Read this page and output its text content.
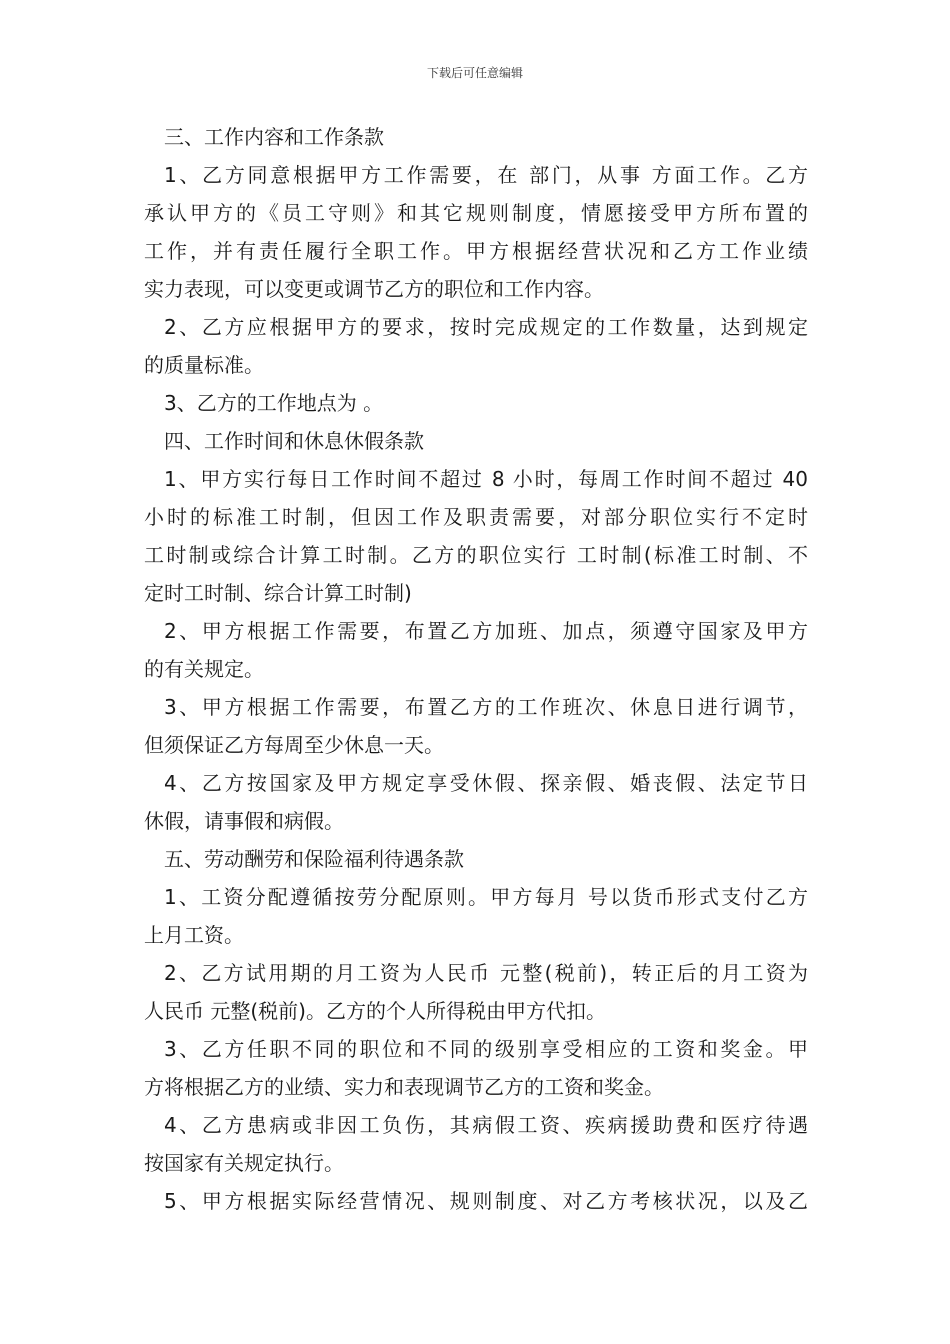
下载后可任意编辑
三、工作内容和工作条款
1、乙方同意根据甲方工作需要，在 部门，从事 方面工作。乙方
承认甲方的《员工守则》和其它规则制度，情愿接受甲方所布置的
工作，并有责任履行全职工作。甲方根据经营状况和乙方工作业绩
实力表现，可以变更或调节乙方的职位和工作内容。
2、乙方应根据甲方的要求，按时完成规定的工作数量，达到规定
的质量标准。
3、乙方的工作地点为 。
四、工作时间和休息休假条款
1、甲方实行每日工作时间不超过 8 小时，每周工作时间不超过 40
小时的标准工时制，但因工作及职责需要，对部分职位实行不定时
工时制或综合计算工时制。乙方的职位实行 工时制(标准工时制、不
定时工时制、综合计算工时制)
2、甲方根据工作需要，布置乙方加班、加点，须遵守国家及甲方
的有关规定。
3、甲方根据工作需要，布置乙方的工作班次、休息日进行调节，
但须保证乙方每周至少休息一天。
4、乙方按国家及甲方规定享受休假、探亲假、婚丧假、法定节日
休假，请事假和病假。
五、劳动酬劳和保险福利待遇条款
1、工资分配遵循按劳分配原则。甲方每月 号以货币形式支付乙方
上月工资。
2、乙方试用期的月工资为人民币 元整(税前)，转正后的月工资为
人民币 元整(税前)。乙方的个人所得税由甲方代扣。
3、乙方任职不同的职位和不同的级别享受相应的工资和奖金。甲
方将根据乙方的业绩、实力和表现调节乙方的工资和奖金。
4、乙方患病或非因工负伤，其病假工资、疾病援助费和医疗待遇
按国家有关规定执行。
5、甲方根据实际经营情况、规则制度、对乙方考核状况，以及乙
